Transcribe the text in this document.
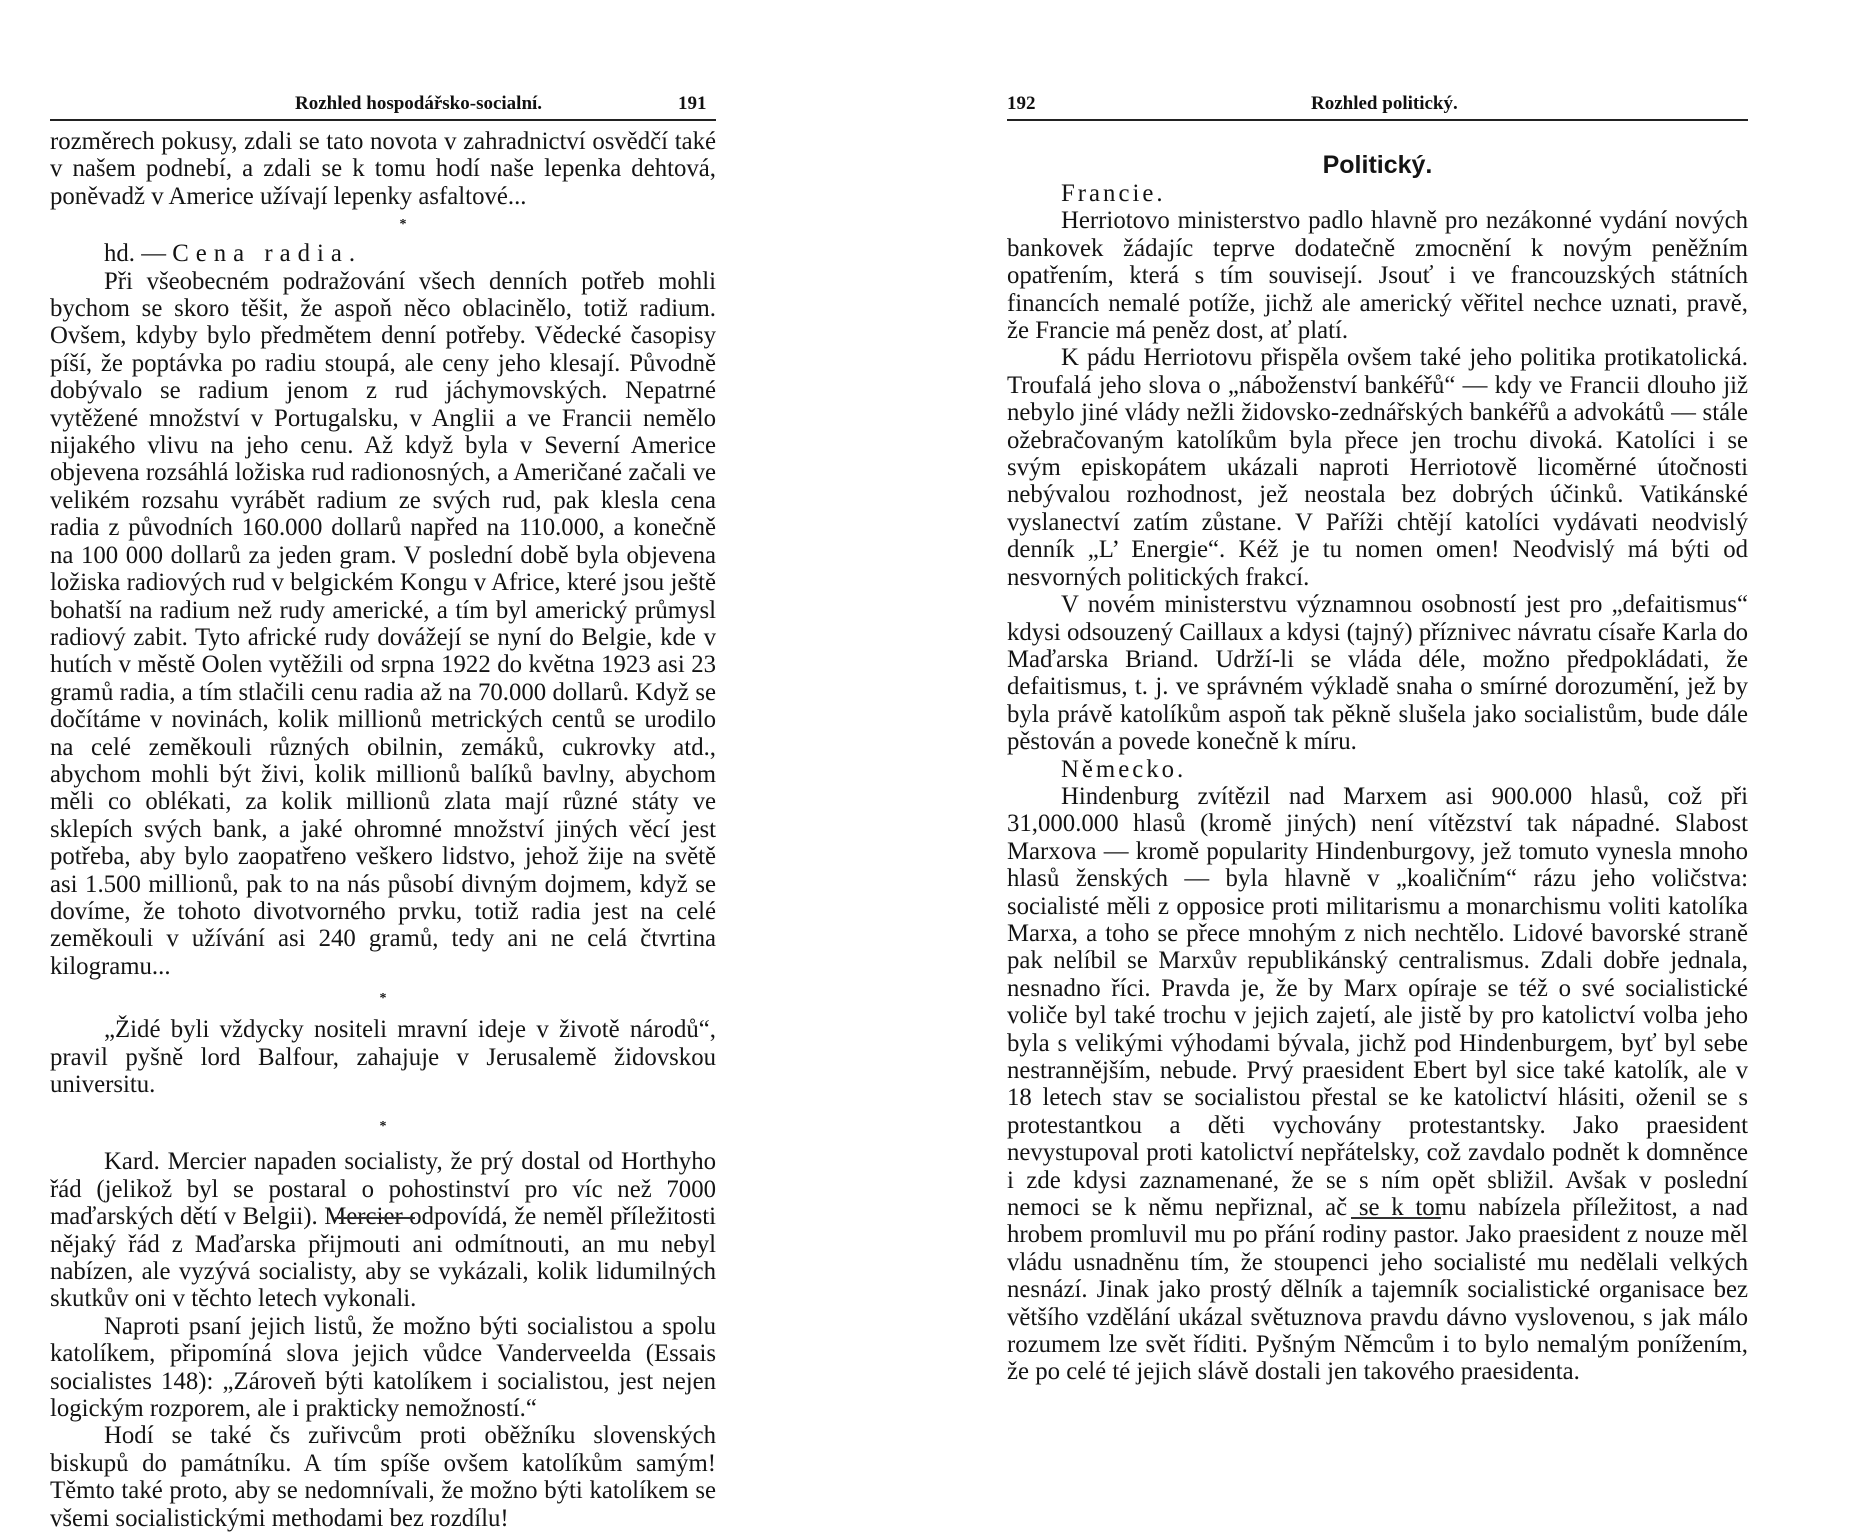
Rozhled hospodářsko-socialní.	191

rozměrech pokusy, zdali se tato novota v zahradnictví osvědčí také v našem podnebí, a zdali se k tomu hodí naše lepenka dehtová, poněvadž v Americe užívají lepenky asfaltové...

*

hd. — Cena radia.

Při všeobecném podražování všech denních potřeb mohli bychom se skoro těšit, že aspoň něco oblacinělo, totiž radium. Ovšem, kdyby bylo předmětem denní potřeby. Vědecké časopisy píší, že poptávka po radiu stoupá, ale ceny jeho klesají. Původně dobývalo se radium jenom z rud jáchymovských. Nepatrné vytěžené množství v Portugalsku, v Anglii a ve Francii nemělo nijakého vlivu na jeho cenu. Až když byla v Severní Americe objevena rozsáhlá ložiska rud radionosných, a Američané začali ve velikém rozsahu vyrábět radium ze svých rud, pak klesla cena radia z původních 160.000 dollarů napřed na 110.000, a konečně na 100 000 dollarů za jeden gram. V poslední době byla objevena ložiska radiových rud v belgickém Kongu v Africe, které jsou ještě bohatší na radium než rudy americké, a tím byl americký průmysl radiový zabit. Tyto africké rudy dovážejí se nyní do Belgie, kde v hutích v městě Oolen vytěžili od srpna 1922 do května 1923 asi 23 gramů radia, a tím stlačili cenu radia až na 70.000 dollarů. Když se dočítáme v novinách, kolik millionů metrických centů se urodilo na celé zeměkouli různých obilnin, zemáků, cukrovky atd., abychom mohli být živi, kolik millionů balíků bavlny, abychom měli co oblékati, za kolik millionů zlata mají různé státy ve sklepích svých bank, a jaké ohromné množství jiných věcí jest potřeba, aby bylo zaopatřeno veškero lidstvo, jehož žije na světě asi 1.500 millionů, pak to na nás působí divným dojmem, když se dovíme, že tohoto divotvorného prvku, totiž radia jest na celé zeměkouli v užívání asi 240 gramů, tedy ani ne celá čtvrtina kilogramu...

*

„Židé byli vždycky nositeli mravní ideje v životě národů“, pravil pyšně lord Balfour, zahajuje v Jerusalemě židovskou universitu.

*

Kard. Mercier napaden socialisty, že prý dostal od Horthyho řád (jelikož byl se postaral o pohostinství pro víc než 7000 maďarských dětí v Belgii). Mercier odpovídá, že neměl příležitosti nějaký řád z Maďarska přijmouti ani odmítnouti, an mu nebyl nabízen, ale vyzývá socialisty, aby se vykázali, kolik lidumilných skutkův oni v těchto letech vykonali.

Naproti psaní jejich listů, že možno býti socialistou a spolu katolíkem, připomíná slova jejich vůdce Vanderveelda (Essais socialistes 148): „Zároveň býti katolíkem i socialistou, jest nejen logickým rozporem, ale i prakticky nemožností.“

Hodí se také čs zuřivcům proti oběžníku slovenských biskupů do památníku. A tím spíše ovšem katolíkům samým! Těmto také proto, aby se nedomnívali, že možno býti katolíkem se všemi socialistickými methodami bez rozdílu!

192	Rozhled politický.

Politický.

Francie.

Herriotovo ministerstvo padlo hlavně pro nezákonné vydání nových bankovek žádajíc teprve dodatečně zmocnění k novým peněžním opatřením, která s tím souvisejí. Jsouť i ve francouzských státních financích nemalé potíže, jichž ale americký věřitel nechce uznati, pravě, že Francie má peněz dost, ať platí.

K pádu Herriotovu přispěla ovšem také jeho politika protikatolická. Troufalá jeho slova o „náboženství bankéřů“ — kdy ve Francii dlouho již nebylo jiné vlády nežli židovsko-zednářských bankéřů a advokátů — stále ožebračovaným katolíkům byla přece jen trochu divoká. Katolíci i se svým episkopátem ukázali naproti Herriotově licoměrné útočnosti nebývalou rozhodnost, jež neostala bez dobrých účinků. Vatikánské vyslanectví zatím zůstane. V Paříži chtějí katolíci vydávati neodvislý denník „L’ Energie“. Kéž je tu nomen omen! Neodvislý má býti od nesvorných politických frakcí.

V novém ministerstvu významnou osobností jest pro „defaitismus“ kdysi odsouzený Caillaux a kdysi (tajný) příznivec návratu císaře Karla do Maďarska Briand. Udrží-li se vláda déle, možno předpokládati, že defaitismus, t. j. ve správném výkladě snaha o smírné dorozumění, jež by byla právě katolíkům aspoň tak pěkně slušela jako socialistům, bude dále pěstován a povede konečně k míru.

Německo.

Hindenburg zvítězil nad Marxem asi 900.000 hlasů, což při 31,000.000 hlasů (kromě jiných) není vítězství tak nápadné. Slabost Marxova — kromě popularity Hindenburgovy, jež tomuto vynesla mnoho hlasů ženských — byla hlavně v „koaličním“ rázu jeho voličstva: socialisté měli z opposice proti militarismu a monarchismu voliti katolíka Marxa, a toho se přece mnohým z nich nechtělo. Lidové bavorské straně pak nelíbil se Marxův republikánský centralismus. Zdali dobře jednala, nesnadno říci. Pravda je, že by Marx opíraje se též o své socialistické voliče byl také trochu v jejich zajetí, ale jistě by pro katolictví volba jeho byla s velikými výhodami bývala, jichž pod Hindenburgem, byť byl sebe nestrannějším, nebude. Prvý praesident Ebert byl sice také katolík, ale v 18 letech stav se socialistou přestal se ke katolictví hlásiti, oženil se s protestantkou a děti vychovány protestantsky. Jako praesident nevystupoval proti katolictví nepřátelsky, což zavdalo podnět k domněnce i zde kdysi zaznamenané, že se s ním opět sbližil. Avšak v poslední nemoci se k němu nepřiznal, ač se k tomu nabízela příležitost, a nad hrobem promluvil mu po přání rodiny pastor. Jako praesident z nouze měl vládu usnadněnu tím, že stoupenci jeho socialisté mu nedělali velkých nesnází. Jinak jako prostý dělník a tajemník socialistické organisace bez většího vzdělání ukázal světuznova pravdu dávno vyslovenou, s jak málo rozumem lze svět říditi. Pyšným Němcům i to bylo nemalým ponížením, že po celé té jejich slávě dostali jen takového praesidenta.
